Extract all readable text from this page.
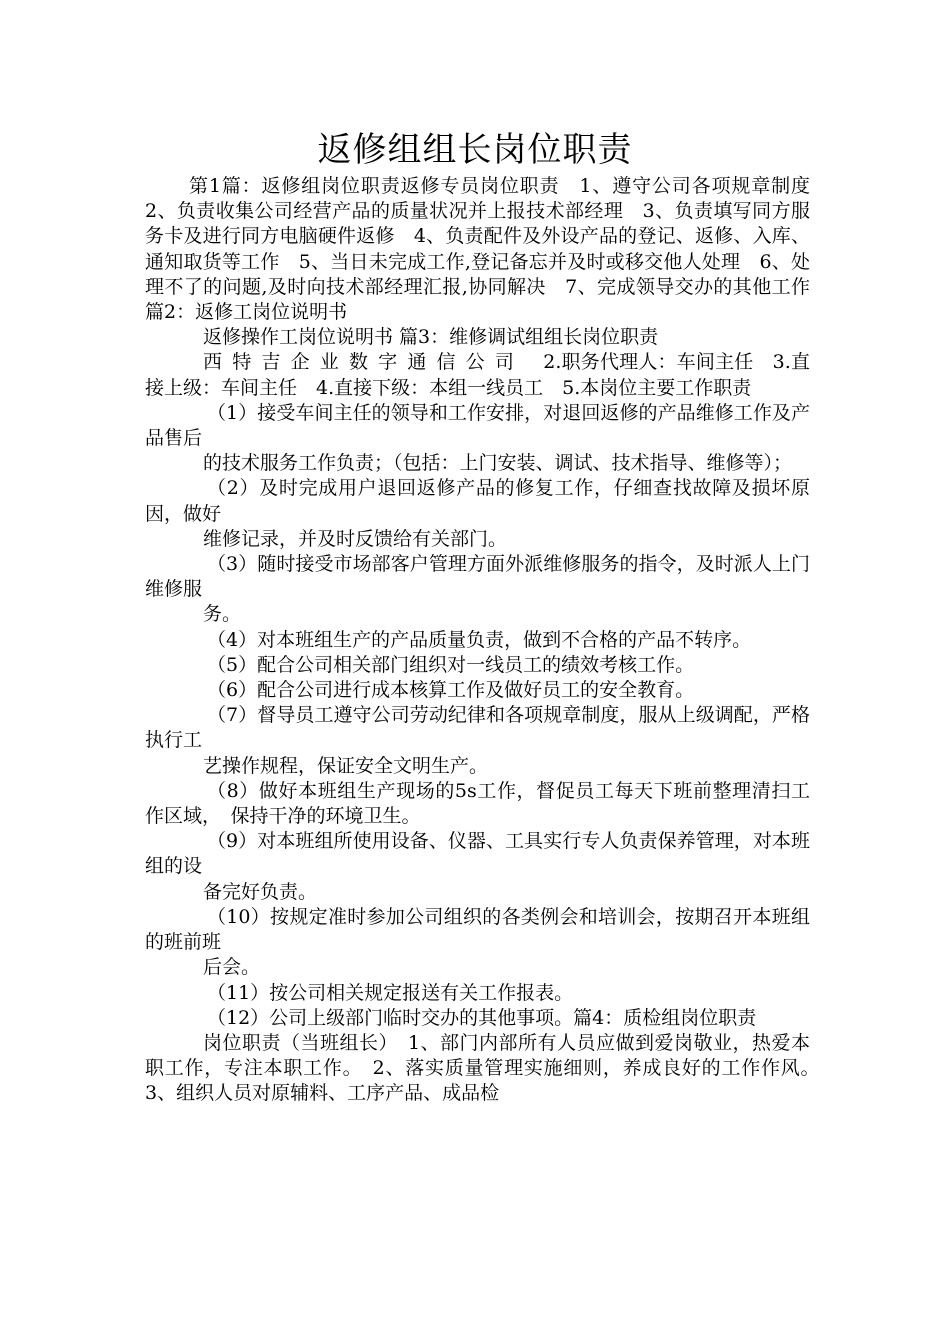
返修组组长岗位职责

第1篇：返修组岗位职责返修专员岗位职责　1、遵守公司各项规章制度　2、负责收集公司经营产品的质量状况并上报技术部经理　3、负责填写同方服务卡及进行同方电脑硬件返修　4、负责配件及外设产品的登记、返修、入库、通知取货等工作　5、当日未完成工作,登记备忘并及时或移交他人处理　6、处理不了的问题,及时向技术部经理汇报,协同解决　7、完成领导交办的其他工作篇2：返修工岗位说明书

返修操作工岗位说明书 篇3：维修调试组组长岗位职责

西特吉企业数字通信公司　2.职务代理人：车间主任　3.直接上级：车间主任　4.直接下级：本组一线员工　5.本岗位主要工作职责

（1）接受车间主任的领导和工作安排，对退回返修的产品维修工作及产品售后

的技术服务工作负责；（包括：上门安装、调试、技术指导、维修等）；

（2）及时完成用户退回返修产品的修复工作，仔细查找故障及损坏原因，做好

维修记录，并及时反馈给有关部门。

（3）随时接受市场部客户管理方面外派维修服务的指令，及时派人上门维修服

务。

（4）对本班组生产的产品质量负责，做到不合格的产品不转序。

（5）配合公司相关部门组织对一线员工的绩效考核工作。

（6）配合公司进行成本核算工作及做好员工的安全教育。

（7）督导员工遵守公司劳动纪律和各项规章制度，服从上级调配，严格执行工

艺操作规程，保证安全文明生产。

（8）做好本班组生产现场的5s工作，督促员工每天下班前整理清扫工作区域，　保持干净的环境卫生。

（9）对本班组所使用设备、仪器、工具实行专人负责保养管理，对本班组的设

备完好负责。

（10）按规定准时参加公司组织的各类例会和培训会，按期召开本班组的班前班

后会。

（11）按公司相关规定报送有关工作报表。

（12）公司上级部门临时交办的其他事项。篇4：质检组岗位职责

岗位职责（当班组长）　1、部门内部所有人员应做到爱岗敬业，热爱本职工作，专注本职工作。　2、落实质量管理实施细则，养成良好的工作作风。　3、组织人员对原辅料、工序产品、成品检
